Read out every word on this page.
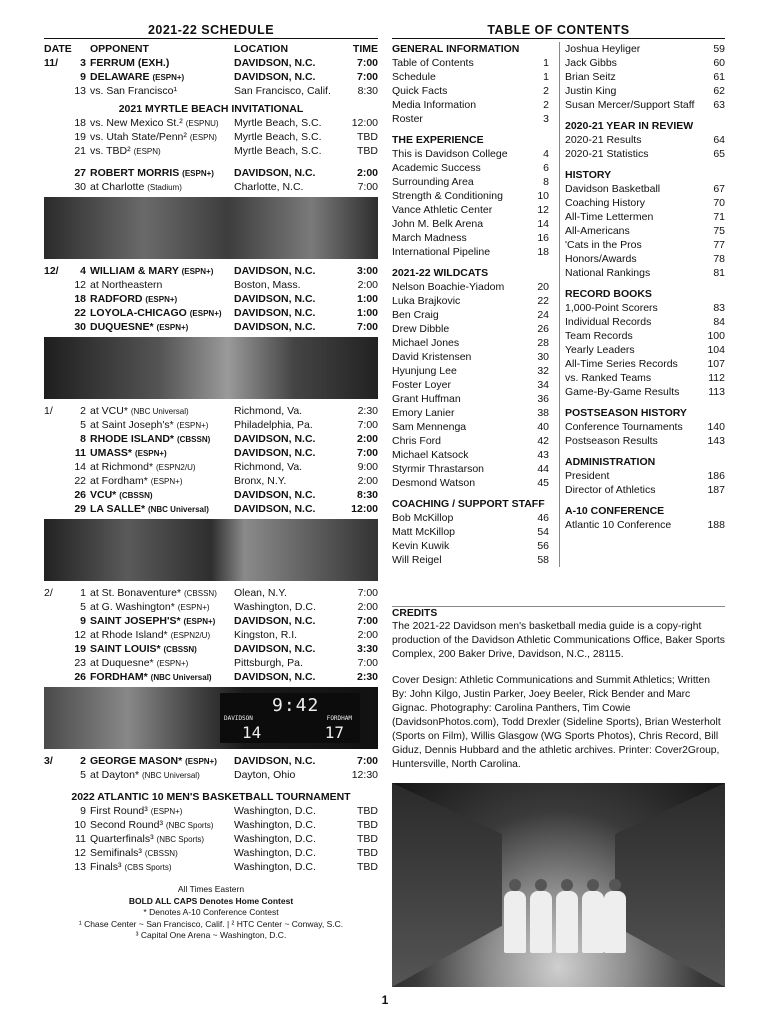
2021-22 SCHEDULE	TABLE OF CONTENTS
DATE	OPPONENT	LOCATION	TIME
11/	3 FERRUM (EXH.)	DAVIDSON, N.C.	7:00
9 DELAWARE (ESPN+)	DAVIDSON, N.C.	7:00
13 vs. San Francisco¹	San Francisco, Calif.	8:30
2021 MYRTLE BEACH INVITATIONAL
18 vs. New Mexico St.² (ESPNU)	Myrtle Beach, S.C.	12:00
19 vs. Utah State/Penn² (ESPN)	Myrtle Beach, S.C.	TBD
21 vs. TBD² (ESPN)	Myrtle Beach, S.C.	TBD
27 ROBERT MORRIS (ESPN+)	DAVIDSON, N.C.	2:00
30 at Charlotte (Stadium)	Charlotte, N.C.	7:00
12/	4 WILLIAM & MARY (ESPN+)	DAVIDSON, N.C.	3:00
12 at Northeastern	Boston, Mass.	2:00
18 RADFORD (ESPN+)	DAVIDSON, N.C.	1:00
22 LOYOLA-CHICAGO (ESPN+)	DAVIDSON, N.C.	1:00
30 DUQUESNE* (ESPN+)	DAVIDSON, N.C.	7:00
1/	2 at VCU* (NBC Universal)	Richmond, Va.	2:30
5 at Saint Joseph's* (ESPN+)	Philadelphia, Pa.	7:00
8 RHODE ISLAND* (CBSSN)	DAVIDSON, N.C.	2:00
11 UMASS* (ESPN+)	DAVIDSON, N.C.	7:00
14 at Richmond* (ESPN2/U)	Richmond, Va.	9:00
22 at Fordham* (ESPN+)	Bronx, N.Y.	2:00
26 VCU* (CBSSN)	DAVIDSON, N.C.	8:30
29 LA SALLE* (NBC Universal)	DAVIDSON, N.C.	12:00
2/	1 at St. Bonaventure* (CBSSN)	Olean, N.Y.	7:00
5 at G. Washington* (ESPN+)	Washington, D.C.	2:00
9 SAINT JOSEPH'S* (ESPN+)	DAVIDSON, N.C.	7:00
12 at Rhode Island* (ESPN2/U)	Kingston, R.I.	2:00
19 SAINT LOUIS* (CBSSN)	DAVIDSON, N.C.	3:30
23 at Duquesne* (ESPN+)	Pittsburgh, Pa.	7:00
26 FORDHAM* (NBC Universal)	DAVIDSON, N.C.	2:30
9:42
DAVIDSON	FORDHAM
14	17
3/	2 GEORGE MASON* (ESPN+)	DAVIDSON, N.C.	7:00
5 at Dayton* (NBC Universal)	Dayton, Ohio	12:30
2022 ATLANTIC 10 MEN'S BASKETBALL TOURNAMENT
9 First Round³ (ESPN+)	Washington, D.C.	TBD
10 Second Round³ (NBC Sports)	Washington, D.C.	TBD
11 Quarterfinals³ (NBC Sports)	Washington, D.C.	TBD
12 Semifinals³ (CBSSN)	Washington, D.C.	TBD
13 Finals³ (CBS Sports)	Washington, D.C.	TBD
All Times Eastern
BOLD ALL CAPS Denotes Home Contest
* Denotes A-10 Conference Contest
¹ Chase Center ~ San Francisco, Calif. | ² HTC Center ~ Conway, S.C.
³ Capital One Arena ~ Washington, D.C.
GENERAL INFORMATION
Table of Contents	1
Schedule	1
Quick Facts	2
Media Information	2
Roster	3
THE EXPERIENCE
This is Davidson College	4
Academic Success	6
Surrounding Area	8
Strength & Conditioning	10
Vance Athletic Center	12
John M. Belk Arena	14
March Madness	16
International Pipeline	18
2021-22 WILDCATS
Nelson Boachie-Yiadom	20
Luka Brajkovic	22
Ben Craig	24
Drew Dibble	26
Michael Jones	28
David Kristensen	30
Hyunjung Lee	32
Foster Loyer	34
Grant Huffman	36
Emory Lanier	38
Sam Mennenga	40
Chris Ford	42
Michael Katsock	43
Styrmir Thrastarson	44
Desmond Watson	45
COACHING / SUPPORT STAFF
Bob McKillop	46
Matt McKillop	54
Kevin Kuwik	56
Will Reigel	58
Joshua Heyliger	59
Jack Gibbs	60
Brian Seitz	61
Justin King	62
Susan Mercer/Support Staff 63
2020-21 YEAR IN REVIEW
2020-21 Results	64
2020-21 Statistics	65
HISTORY
Davidson Basketball	67
Coaching History	70
All-Time Lettermen	71
All-Americans	75
'Cats in the Pros	77
Honors/Awards	78
National Rankings	81
RECORD BOOKS
1,000-Point Scorers	83
Individual Records	84
Team Records	100
Yearly Leaders	104
All-Time Series Records	107
vs. Ranked Teams	112
Game-By-Game Results	113
POSTSEASON HISTORY
Conference Tournaments 140
Postseason Results	143
ADMINISTRATION
President	186
Director of Athletics	187
A-10 CONFERENCE
Atlantic 10 Conference	188
CREDITS

The 2021-22 Davidson men's basketball media guide is a copy-right production of the Davidson Athletic Communications Office, Baker Sports Complex, 200 Baker Drive, Davidson, N.C., 28115.

Cover Design: Athletic Communications and Summit Athletics; Written By: John Kilgo, Justin Parker, Joey Beeler, Rick Bender and Marc Gignac. Photography: Carolina Panthers, Tim Cowie (DavidsonPhotos.com), Todd Drexler (Sideline Sports), Brian Westerholt (Sports on Film), Willis Glasgow (WG Sports Photos), Chris Record, Bill Giduz, Dennis Hubbard and the athletic archives. Printer: Cover2Group, Huntersville, North Carolina.

1
